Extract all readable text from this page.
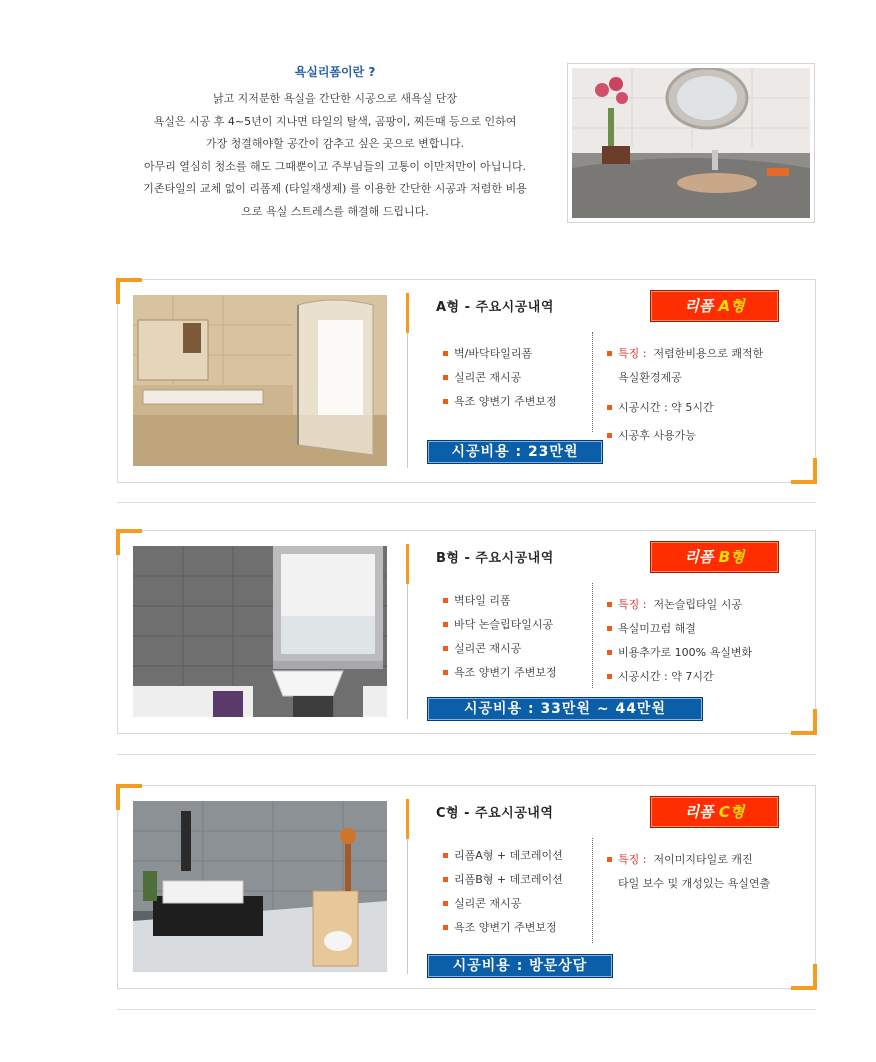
욕실리폼이란 ?

낡고 지저분한 욕실을 간단한 시공으로 새욕실 단장

욕실은 시공 후 4~5년이 지나면 타일의 탈색, 곰팡이, 찌든때 등으로 인하여

가장 청결해야할 공간이 감추고 싶은 곳으로 변합니다.

아무리 열심히 청소를 해도 그때뿐이고 주부님들의 고통이 이만저만이 아닙니다.

기존타일의 교체 없이 리폼제 (타일재생제) 를 이용한 간단한 시공과 저렴한 비용

으로 욕실 스트레스를 해결해 드립니다.

A형 - 주요시공내역	리폼 A형
벽/바닥타일리폼
실리콘 재시공
욕조 양변기 주변보정
특징 : 저렴한비용으로 쾌적한
욕실환경제공
시공시간 : 약 5시간
시공후 사용가능
시공비용 : 23만원
B형 - 주요시공내역	리폼 B형
벽타일 리폼
바닥 논슬립타일시공
실리콘 재시공
욕조 양변기 주변보정
특징 : 저논슬립타일 시공
욕실미끄럼 해결
비용추가로 100% 욕실변화
시공시간 : 약 7시간
시공비용 : 33만원 ~ 44만원
C형 - 주요시공내역	리폼 C형
리폼A형 + 데코레이션
리폼B형 + 데코레이션
실리콘 재시공
욕조 양변기 주변보정
특징 : 저이미지타일로 캐진
타일 보수 및 개성있는 욕실연출
시공비용 : 방문상담
